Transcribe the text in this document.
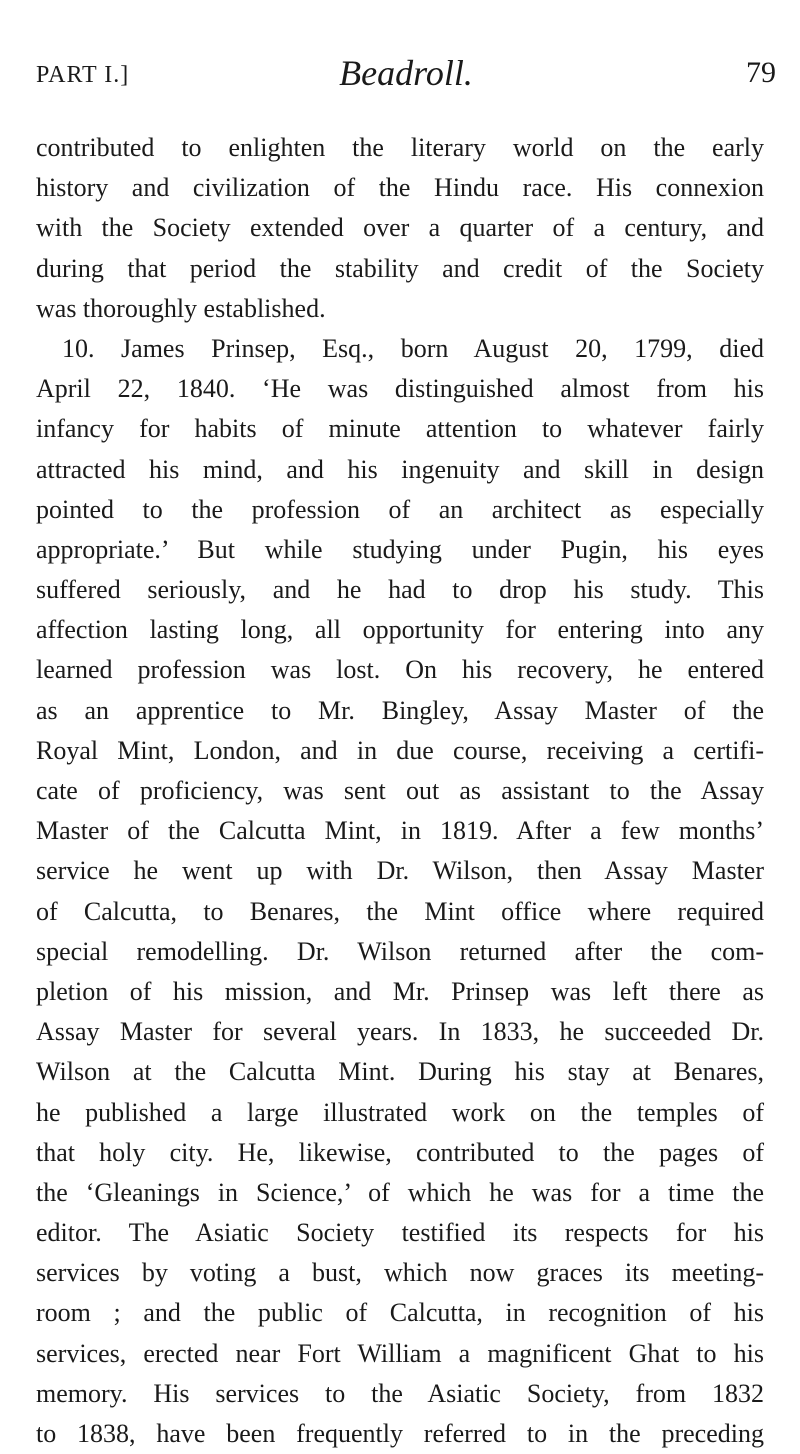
PART I.]	Beadroll.	79
contributed to enlighten the literary world on the early
history and civilization of the Hindu race. His connexion
with the Society extended over a quarter of a century, and
during that period the stability and credit of the Society
was thoroughly established.
10. James Prinsep, Esq., born August 20, 1799, died
April 22, 1840. ‘He was distinguished almost from his
infancy for habits of minute attention to whatever fairly
attracted his mind, and his ingenuity and skill in design
pointed to the profession of an architect as especially
appropriate.’ But while studying under Pugin, his eyes
suffered seriously, and he had to drop his study. This
affection lasting long, all opportunity for entering into any
learned profession was lost. On his recovery, he entered
as an apprentice to Mr. Bingley, Assay Master of the
Royal Mint, London, and in due course, receiving a certifi-
cate of proficiency, was sent out as assistant to the Assay
Master of the Calcutta Mint, in 1819. After a few months’
service he went up with Dr. Wilson, then Assay Master
of Calcutta, to Benares, the Mint office where required
special remodelling. Dr. Wilson returned after the com-
pletion of his mission, and Mr. Prinsep was left there as
Assay Master for several years. In 1833, he succeeded Dr.
Wilson at the Calcutta Mint. During his stay at Benares,
he published a large illustrated work on the temples of
that holy city. He, likewise, contributed to the pages of
the ‘Gleanings in Science,’ of which he was for a time the
editor. The Asiatic Society testified its respects for his
services by voting a bust, which now graces its meeting-
room ; and the public of Calcutta, in recognition of his
services, erected near Fort William a magnificent Ghat to his
memory. His services to the Asiatic Society, from 1832
to 1838, have been frequently referred to in the preceding
